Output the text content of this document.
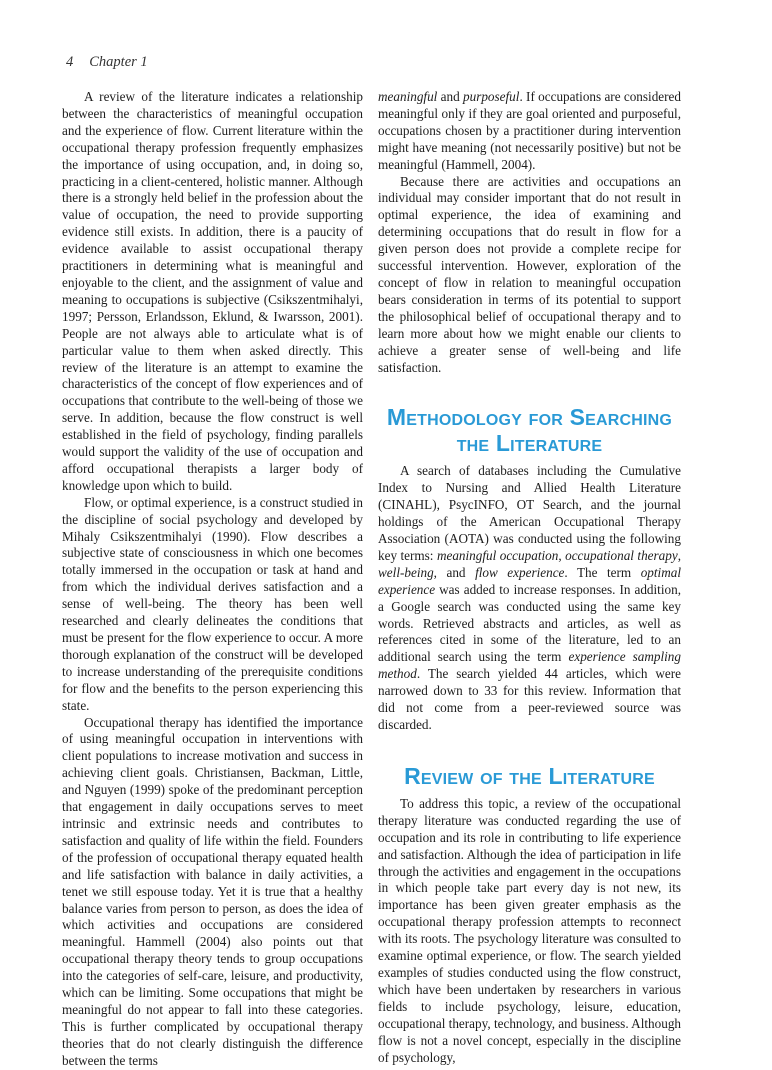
4 Chapter 1

A review of the literature indicates a relationship between the characteristics of meaningful occupation and the experience of flow. Current literature within the occupational therapy profession frequently emphasizes the importance of using occupation, and, in doing so, practicing in a client-centered, holistic manner. Although there is a strongly held belief in the profession about the value of occupation, the need to provide supporting evidence still exists. In addition, there is a paucity of evidence available to assist occupational therapy practitioners in determining what is meaningful and enjoyable to the client, and the assignment of value and meaning to occupations is subjective (Csikszentmihalyi, 1997; Persson, Erlandsson, Eklund, & Iwarsson, 2001). People are not always able to articulate what is of particular value to them when asked directly. This review of the literature is an attempt to examine the characteristics of the concept of flow experiences and of occupations that contribute to the well-being of those we serve. In addition, because the flow construct is well established in the field of psychology, finding parallels would support the validity of the use of occupation and afford occupational therapists a larger body of knowledge upon which to build.

Flow, or optimal experience, is a construct studied in the discipline of social psychology and developed by Mihaly Csikszentmihalyi (1990). Flow describes a subjective state of consciousness in which one becomes totally immersed in the occupation or task at hand and from which the individual derives satisfaction and a sense of well-being. The theory has been well researched and clearly delineates the conditions that must be present for the flow experience to occur. A more thorough explanation of the construct will be developed to increase understanding of the prerequisite conditions for flow and the benefits to the person experiencing this state.

Occupational therapy has identified the importance of using meaningful occupation in interventions with client populations to increase motivation and success in achieving client goals. Christiansen, Backman, Little, and Nguyen (1999) spoke of the predominant perception that engagement in daily occupations serves to meet intrinsic and extrinsic needs and contributes to satisfaction and quality of life within the field. Founders of the profession of occupational therapy equated health and life satisfaction with balance in daily activities, a tenet we still espouse today. Yet it is true that a healthy balance varies from person to person, as does the idea of which activities and occupations are considered meaningful. Hammell (2004) also points out that occupational therapy theory tends to group occupations into the categories of self-care, leisure, and productivity, which can be limiting. Some occupations that might be meaningful do not appear to fall into these categories. This is further complicated by occupational therapy theories that do not clearly distinguish the difference between the terms

meaningful and purposeful. If occupations are considered meaningful only if they are goal oriented and purposeful, occupations chosen by a practitioner during intervention might have meaning (not necessarily positive) but not be meaningful (Hammell, 2004).

Because there are activities and occupations an individual may consider important that do not result in optimal experience, the idea of examining and determining occupations that do result in flow for a given person does not provide a complete recipe for successful intervention. However, exploration of the concept of flow in relation to meaningful occupation bears consideration in terms of its potential to support the philosophical belief of occupational therapy and to learn more about how we might enable our clients to achieve a greater sense of well-being and life satisfaction.

Methodology for Searching the Literature

A search of databases including the Cumulative Index to Nursing and Allied Health Literature (CINAHL), PsycINFO, OT Search, and the journal holdings of the American Occupational Therapy Association (AOTA) was conducted using the following key terms: meaningful occupation, occupational therapy, well-being, and flow experience. The term optimal experience was added to increase responses. In addition, a Google search was conducted using the same key words. Retrieved abstracts and articles, as well as references cited in some of the literature, led to an additional search using the term experience sampling method. The search yielded 44 articles, which were narrowed down to 33 for this review. Information that did not come from a peer-reviewed source was discarded.

Review of the Literature

To address this topic, a review of the occupational therapy literature was conducted regarding the use of occupation and its role in contributing to life experience and satisfaction. Although the idea of participation in life through the activities and engagement in the occupations in which people take part every day is not new, its importance has been given greater emphasis as the occupational therapy profession attempts to reconnect with its roots. The psychology literature was consulted to examine optimal experience, or flow. The search yielded examples of studies conducted using the flow construct, which have been undertaken by researchers in various fields to include psychology, leisure, education, occupational therapy, technology, and business. Although flow is not a novel concept, especially in the discipline of psychology,
